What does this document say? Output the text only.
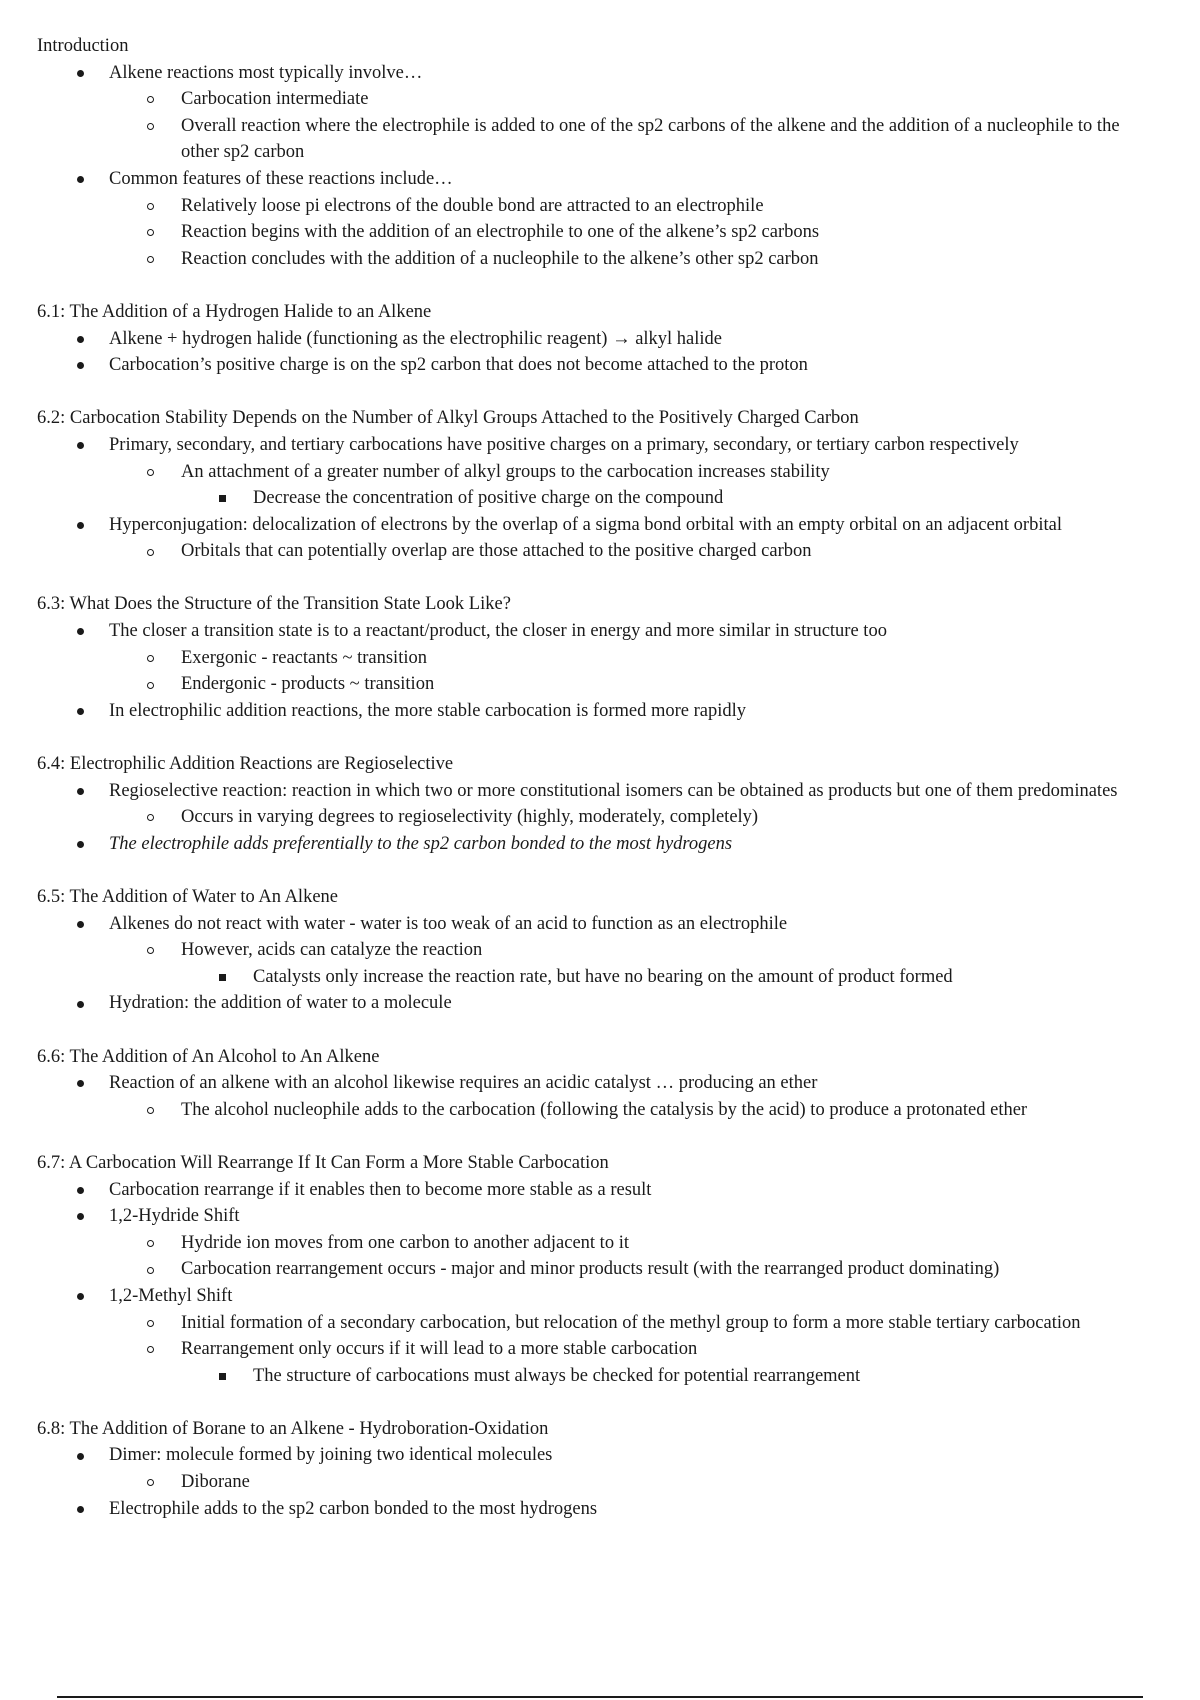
Introduction
Alkene reactions most typically involve…
Carbocation intermediate
Overall reaction where the electrophile is added to one of the sp2 carbons of the alkene and the addition of a nucleophile to the other sp2 carbon
Common features of these reactions include…
Relatively loose pi electrons of the double bond are attracted to an electrophile
Reaction begins with the addition of an electrophile to one of the alkene’s sp2 carbons
Reaction concludes with the addition of a nucleophile to the alkene’s other sp2 carbon
6.1: The Addition of a Hydrogen Halide to an Alkene
Alkene + hydrogen halide (functioning as the electrophilic reagent) → alkyl halide
Carbocation’s positive charge is on the sp2 carbon that does not become attached to the proton
6.2: Carbocation Stability Depends on the Number of Alkyl Groups Attached to the Positively Charged Carbon
Primary, secondary, and tertiary carbocations have positive charges on a primary, secondary, or tertiary carbon respectively
An attachment of a greater number of alkyl groups to the carbocation increases stability
Decrease the concentration of positive charge on the compound
Hyperconjugation: delocalization of electrons by the overlap of a sigma bond orbital with an empty orbital on an adjacent orbital
Orbitals that can potentially overlap are those attached to the positive charged carbon
6.3: What Does the Structure of the Transition State Look Like?
The closer a transition state is to a reactant/product, the closer in energy and more similar in structure too
Exergonic - reactants ~ transition
Endergonic - products ~ transition
In electrophilic addition reactions, the more stable carbocation is formed more rapidly
6.4: Electrophilic Addition Reactions are Regioselective
Regioselective reaction: reaction in which two or more constitutional isomers can be obtained as products but one of them predominates
Occurs in varying degrees to regioselectivity (highly, moderately, completely)
The electrophile adds preferentially to the sp2 carbon bonded to the most hydrogens
6.5: The Addition of Water to An Alkene
Alkenes do not react with water - water is too weak of an acid to function as an electrophile
However, acids can catalyze the reaction
Catalysts only increase the reaction rate, but have no bearing on the amount of product formed
Hydration: the addition of water to a molecule
6.6: The Addition of An Alcohol to An Alkene
Reaction of an alkene with an alcohol likewise requires an acidic catalyst … producing an ether
The alcohol nucleophile adds to the carbocation (following the catalysis by the acid) to produce a protonated ether
6.7: A Carbocation Will Rearrange If It Can Form a More Stable Carbocation
Carbocation rearrange if it enables then to become more stable as a result
1,2-Hydride Shift
Hydride ion moves from one carbon to another adjacent to it
Carbocation rearrangement occurs - major and minor products result (with the rearranged product dominating)
1,2-Methyl Shift
Initial formation of a secondary carbocation, but relocation of the methyl group to form a more stable tertiary carbocation
Rearrangement only occurs if it will lead to a more stable carbocation
The structure of carbocations must always be checked for potential rearrangement
6.8: The Addition of Borane to an Alkene - Hydroboration-Oxidation
Dimer: molecule formed by joining two identical molecules
Diborane
Electrophile adds to the sp2 carbon bonded to the most hydrogens
